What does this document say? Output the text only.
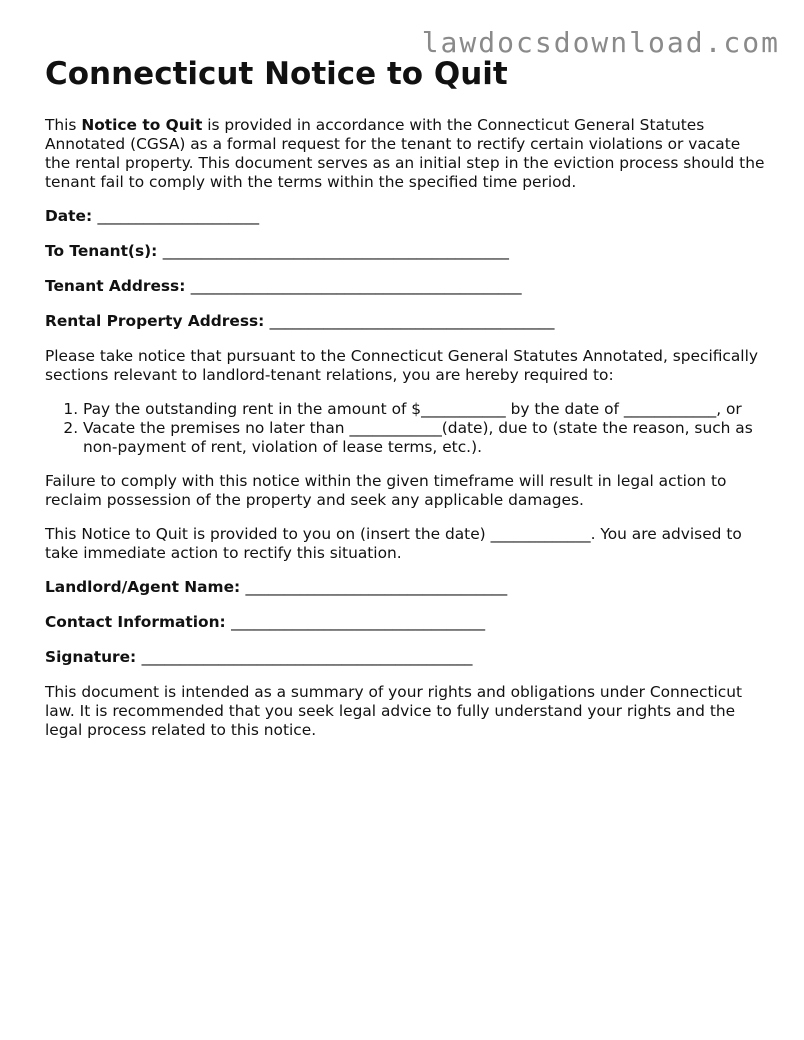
lawdocsdownload.com
Connecticut Notice to Quit

This Notice to Quit is provided in accordance with the Connecticut General Statutes Annotated (CGSA) as a formal request for the tenant to rectify certain violations or vacate the rental property. This document serves as an initial step in the eviction process should the tenant fail to comply with the terms within the specified time period.

Date: _____________________
To Tenant(s): _____________________________________________
Tenant Address: ___________________________________________
Rental Property Address: _____________________________________

Please take notice that pursuant to the Connecticut General Statutes Annotated, specifically sections relevant to landlord-tenant relations, you are hereby required to:

1. Pay the outstanding rent in the amount of $___________ by the date of ____________, or
2. Vacate the premises no later than ____________(date), due to (state the reason, such as non-payment of rent, violation of lease terms, etc.).

Failure to comply with this notice within the given timeframe will result in legal action to reclaim possession of the property and seek any applicable damages.

This Notice to Quit is provided to you on (insert the date) _____________. You are advised to take immediate action to rectify this situation.

Landlord/Agent Name: __________________________________
Contact Information: _________________________________
Signature: ___________________________________________

This document is intended as a summary of your rights and obligations under Connecticut law. It is recommended that you seek legal advice to fully understand your rights and the legal process related to this notice.
